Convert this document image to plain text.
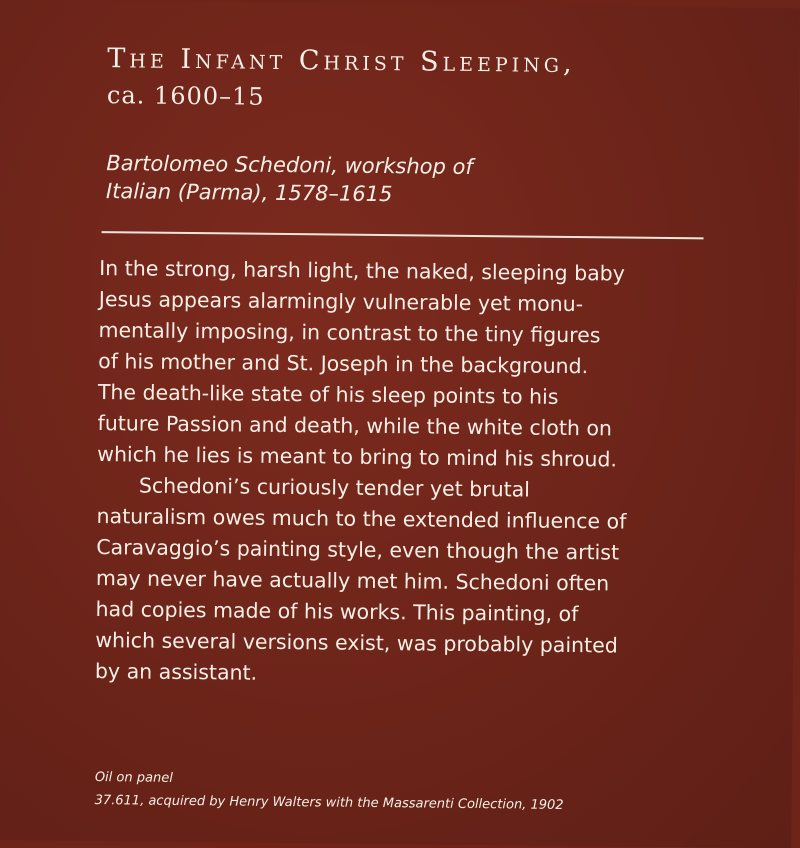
The Infant Christ Sleeping,
ca. 1600–15
Bartolomeo Schedoni, workshop of
Italian (Parma), 1578–1615

In the strong, harsh light, the naked, sleeping baby
Jesus appears alarmingly vulnerable yet monu-
mentally imposing, in contrast to the tiny figures
of his mother and St. Joseph in the background.
The death-like state of his sleep points to his
future Passion and death, while the white cloth on
which he lies is meant to bring to mind his shroud.

Schedoni’s curiously tender yet brutal
naturalism owes much to the extended influence of
Caravaggio’s painting style, even though the artist
may never have actually met him. Schedoni often
had copies made of his works. This painting, of
which several versions exist, was probably painted
by an assistant.

Oil on panel
37.611, acquired by Henry Walters with the Massarenti Collection, 1902
